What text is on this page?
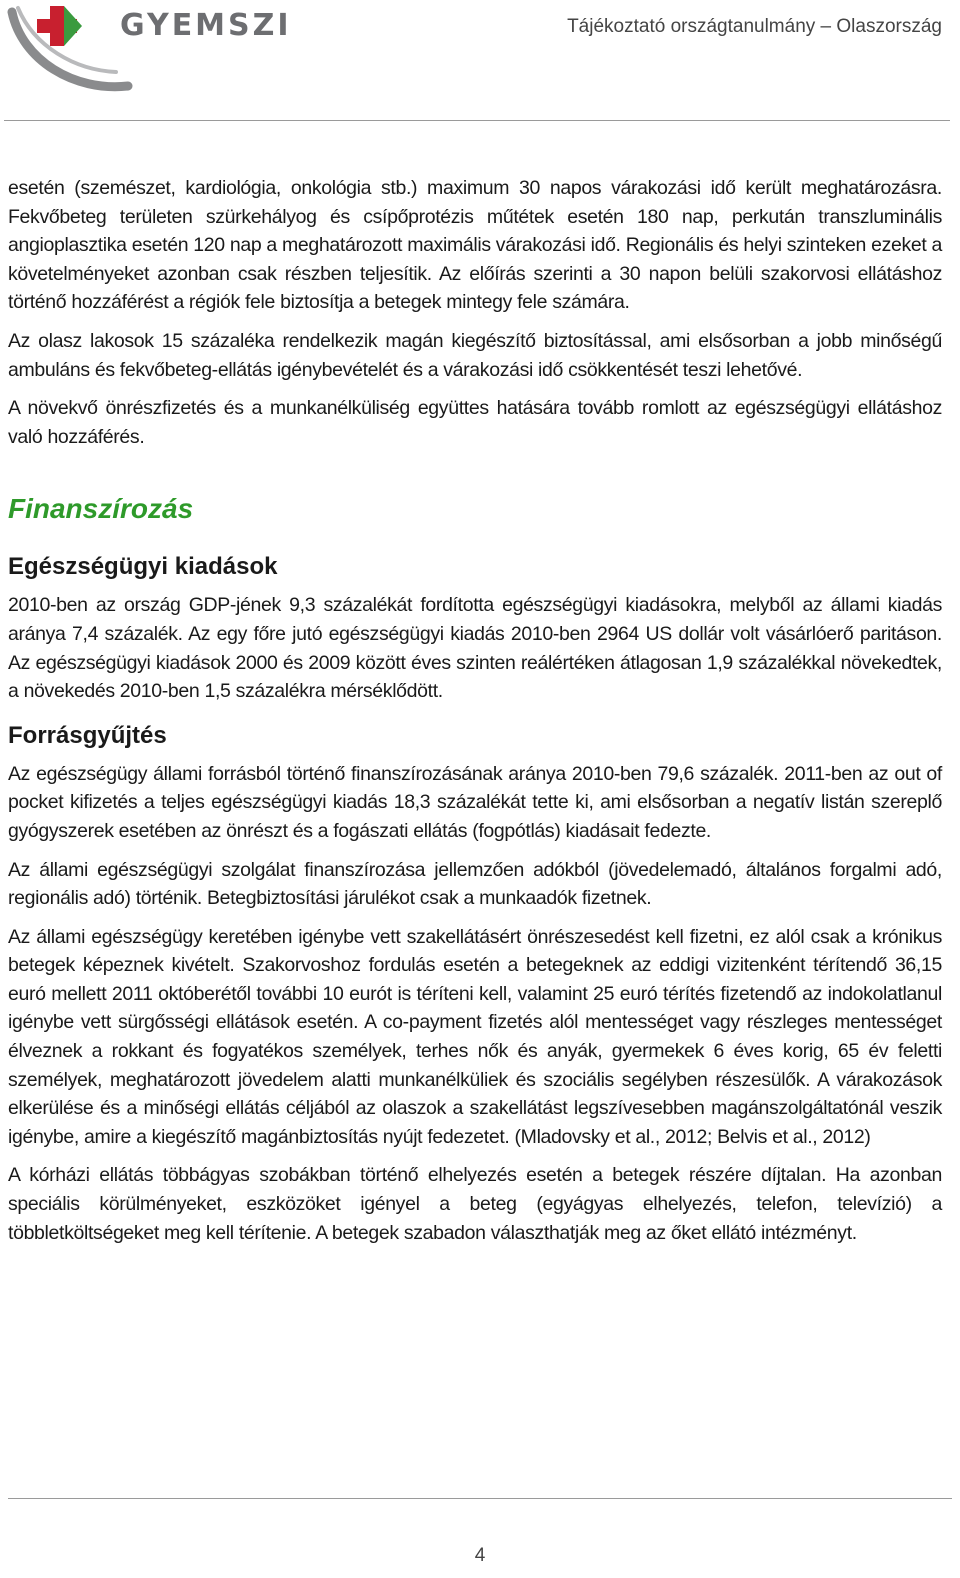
GYEMSZI	Tájékoztató országtanulmány – Olaszország

esetén (szemészet, kardiológia, onkológia stb.) maximum 30 napos várakozási idő került meghatározásra. Fekvőbeteg területen szürkehályog és csípőprotézis műtétek esetén 180 nap, perkután transzluminális angioplasztika esetén 120 nap a meghatározott maximális várakozási idő. Regionális és helyi szinteken ezeket a követelményeket azonban csak részben teljesítik. Az előírás szerinti a 30 napon belüli szakorvosi ellátáshoz történő hozzáférést a régiók fele biztosítja a betegek mintegy fele számára.

Az olasz lakosok 15 százaléka rendelkezik magán kiegészítő biztosítással, ami elsősorban a jobb minőségű ambuláns és fekvőbeteg-ellátás igénybevételét és a várakozási idő csökkentését teszi lehetővé.

A növekvő önrészfizetés és a munkanélküliség együttes hatására tovább romlott az egészségügyi ellátáshoz való hozzáférés.

Finanszírozás
Egészségügyi kiadások

2010-ben az ország GDP-jének 9,3 százalékát fordította egészségügyi kiadásokra, melyből az állami kiadás aránya 7,4 százalék. Az egy főre jutó egészségügyi kiadás 2010-ben 2964 US dollár volt vásárlóerő paritáson. Az egészségügyi kiadások 2000 és 2009 között éves szinten reálértéken átlagosan 1,9 százalékkal növekedtek, a növekedés 2010-ben 1,5 százalékra mérséklődött.

Forrásgyűjtés

Az egészségügy állami forrásból történő finanszírozásának aránya 2010-ben 79,6 százalék. 2011-ben az out of pocket kifizetés a teljes egészségügyi kiadás 18,3 százalékát tette ki, ami elsősorban a negatív listán szereplő gyógyszerek esetében az önrészt és a fogászati ellátás (fogpótlás) kiadásait fedezte.

Az állami egészségügyi szolgálat finanszírozása jellemzően adókból (jövedelemadó, általános forgalmi adó, regionális adó) történik. Betegbiztosítási járulékot csak a munkaadók fizetnek.

Az állami egészségügy keretében igénybe vett szakellátásért önrészesedést kell fizetni, ez alól csak a krónikus betegek képeznek kivételt. Szakorvoshoz fordulás esetén a betegeknek az eddigi vizitenként térítendő 36,15 euró mellett 2011 októberétől további 10 eurót is téríteni kell, valamint 25 euró térítés fizetendő az indokolatlanul igénybe vett sürgősségi ellátások esetén. A co-payment fizetés alól mentességet vagy részleges mentességet élveznek a rokkant és fogyatékos személyek, terhes nők és anyák, gyermekek 6 éves korig, 65 év feletti személyek, meghatározott jövedelem alatti munkanélküliek és szociális segélyben részesülők. A várakozások elkerülése és a minőségi ellátás céljából az olaszok a szakellátást legszívesebben magánszolgáltatónál veszik igénybe, amire a kiegészítő magánbiztosítás nyújt fedezetet. (Mladovsky et al., 2012; Belvis et al., 2012)

A kórházi ellátás többágyas szobákban történő elhelyezés esetén a betegek részére díjtalan. Ha azonban speciális körülményeket, eszközöket igényel a beteg (egyágyas elhelyezés, telefon, televízió) a többletköltségeket meg kell térítenie. A betegek szabadon választhatják meg az őket ellátó intézményt.

4
